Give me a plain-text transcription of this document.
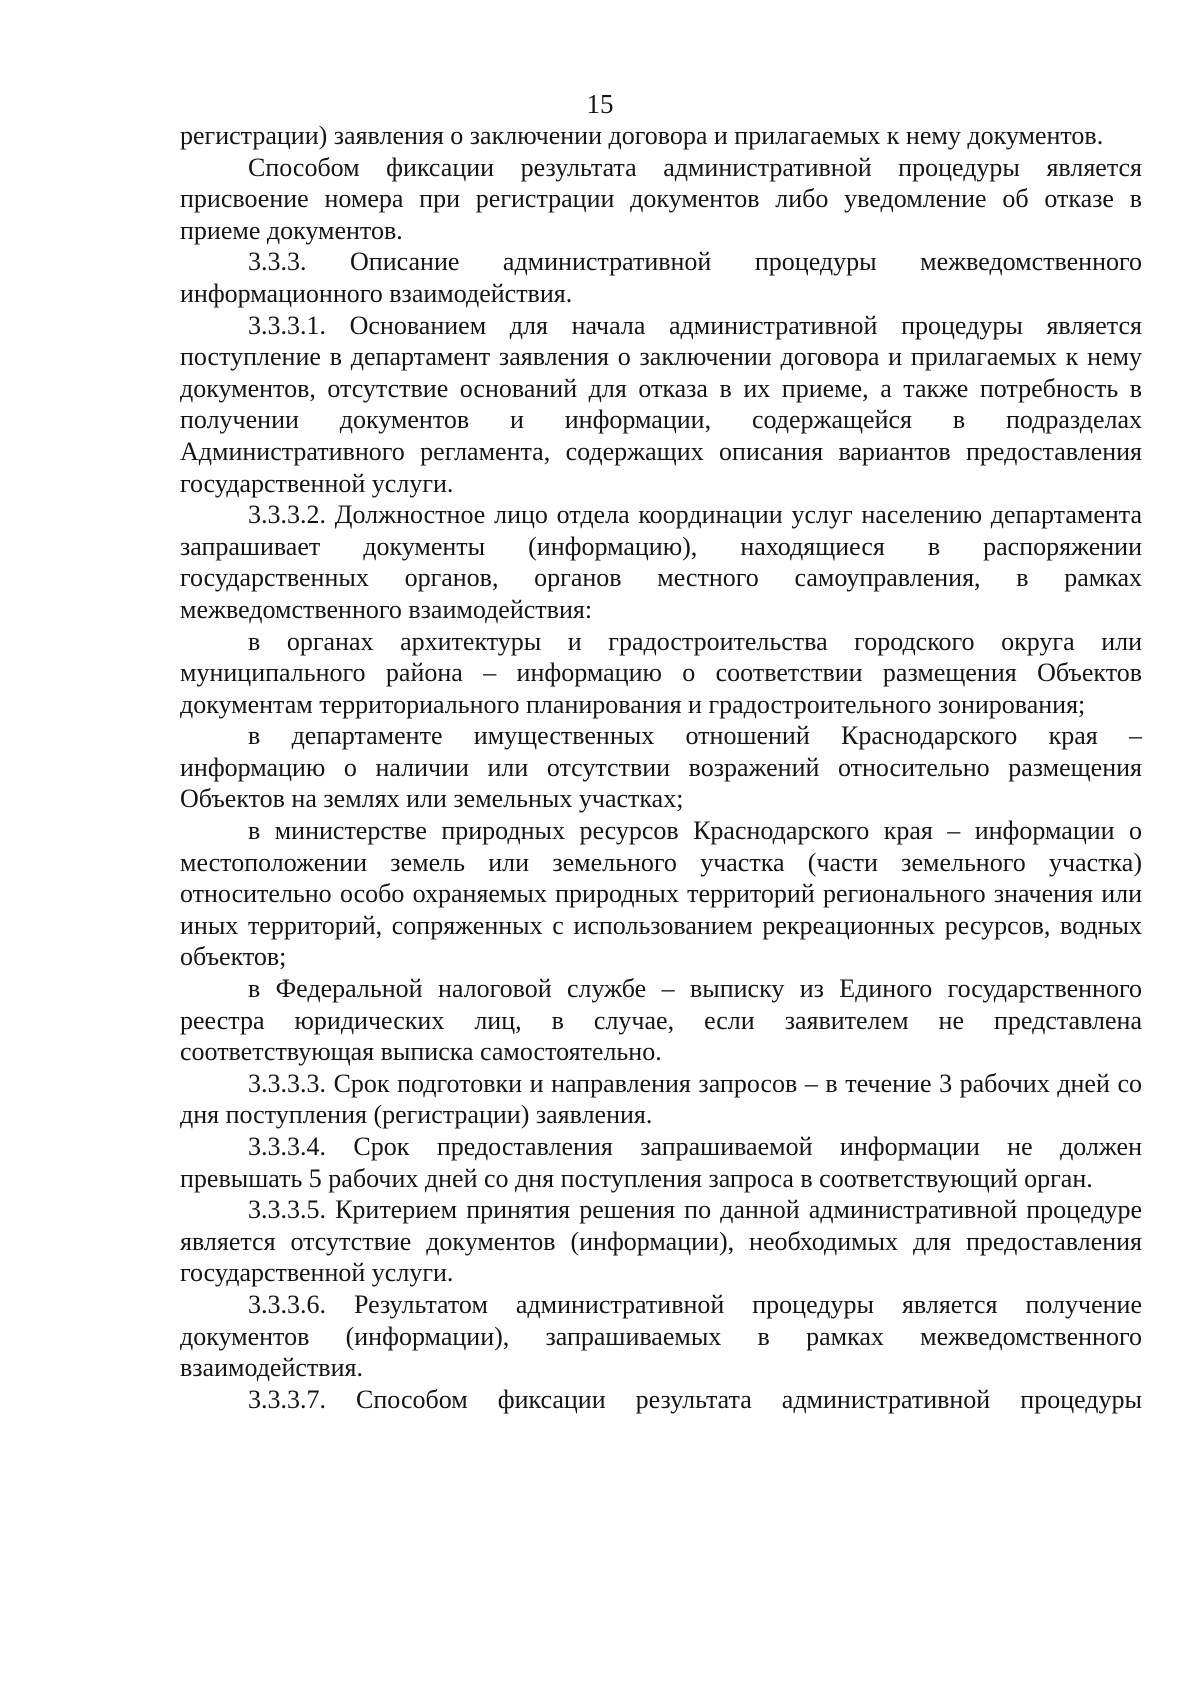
15

регистрации) заявления о заключении договора и прилагаемых к нему документов.

Способом фиксации результата административной процедуры является присвоение номера при регистрации документов либо уведомление об отказе в приеме документов.

3.3.3. Описание административной процедуры межведомственного информационного взаимодействия.

3.3.3.1. Основанием для начала административной процедуры является поступление в департамент заявления о заключении договора и прилагаемых к нему документов, отсутствие оснований для отказа в их приеме, а также потребность в получении документов и информации, содержащейся в подразделах Административного регламента, содержащих описания вариантов предоставления государственной услуги.

3.3.3.2. Должностное лицо отдела координации услуг населению департамента запрашивает документы (информацию), находящиеся в распоряжении государственных органов, органов местного самоуправления, в рамках межведомственного взаимодействия:

в органах архитектуры и градостроительства городского округа или муниципального района – информацию о соответствии размещения Объектов документам территориального планирования и градостроительного зонирования;

в департаменте имущественных отношений Краснодарского края – информацию о наличии или отсутствии возражений относительно размещения Объектов на землях или земельных участках;

в министерстве природных ресурсов Краснодарского края – информации о местоположении земель или земельного участка (части земельного участка) относительно особо охраняемых природных территорий регионального значения или иных территорий, сопряженных с использованием рекреационных ресурсов, водных объектов;

в Федеральной налоговой службе – выписку из Единого государственного реестра юридических лиц, в случае, если заявителем не представлена соответствующая выписка самостоятельно.

3.3.3.3. Срок подготовки и направления запросов – в течение 3 рабочих дней со дня поступления (регистрации) заявления.

3.3.3.4. Срок предоставления запрашиваемой информации не должен превышать 5 рабочих дней со дня поступления запроса в соответствующий орган.

3.3.3.5. Критерием принятия решения по данной административной процедуре является отсутствие документов (информации), необходимых для предоставления государственной услуги.

3.3.3.6. Результатом административной процедуры является получение документов (информации), запрашиваемых в рамках межведомственного взаимодействия.

3.3.3.7. Способом фиксации результата административной процедуры
